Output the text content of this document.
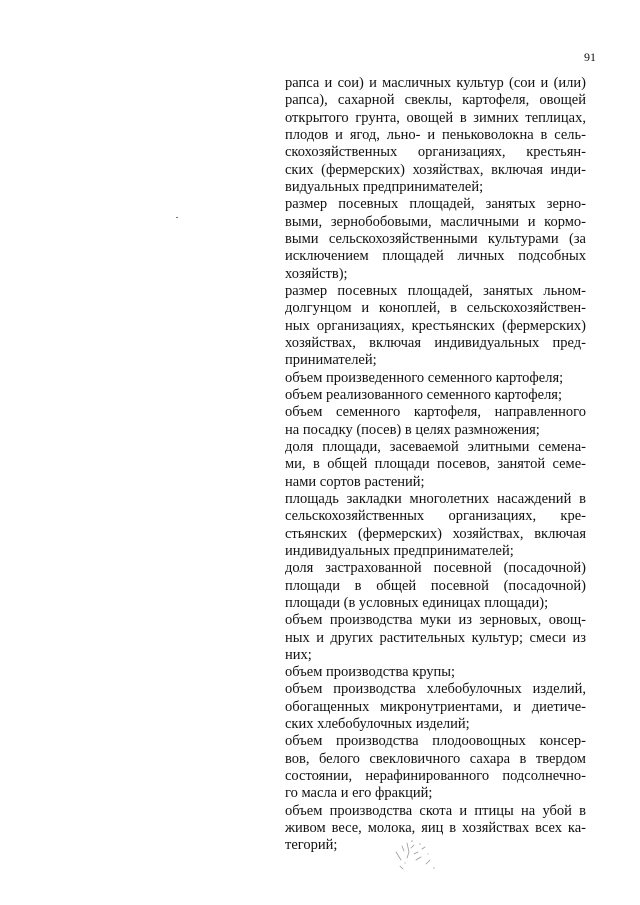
91
рапса и сои) и масличных культур (сои и (или)
рапса), сахарной свеклы, картофеля, овощей
открытого грунта, овощей в зимних теплицах,
плодов и ягод, льно- и пеньковолокна в сель-
скохозяйственных организациях, крестьян-
ских (фермерских) хозяйствах, включая инди-
видуальных предпринимателей;
размер посевных площадей, занятых зерно-
выми, зернобобовыми, масличными и кормо-
выми сельскохозяйственными культурами (за
исключением площадей личных подсобных
хозяйств);
размер посевных площадей, занятых льном-
долгунцом и коноплей, в сельскохозяйствен-
ных организациях, крестьянских (фермерских)
хозяйствах, включая индивидуальных пред-
принимателей;
объем произведенного семенного картофеля;
объем реализованного семенного картофеля;
объем семенного картофеля, направленного
на посадку (посев) в целях размножения;
доля площади, засеваемой элитными семена-
ми, в общей площади посевов, занятой семе-
нами сортов растений;
площадь закладки многолетних насаждений в
сельскохозяйственных организациях, кре-
стьянских (фермерских) хозяйствах, включая
индивидуальных предпринимателей;
доля застрахованной посевной (посадочной)
площади в общей посевной (посадочной)
площади (в условных единицах площади);
объем производства муки из зерновых, овощ-
ных и других растительных культур; смеси из
них;
объем производства крупы;
объем производства хлебобулочных изделий,
обогащенных микронутриентами, и диетиче-
ских хлебобулочных изделий;
объем производства плодоовощных консер-
вов, белого свекловичного сахара в твердом
состоянии, нерафинированного подсолнечно-
го масла и его фракций;
объем производства скота и птицы на убой в
живом весе, молока, яиц в хозяйствах всех ка-
тегорий;
